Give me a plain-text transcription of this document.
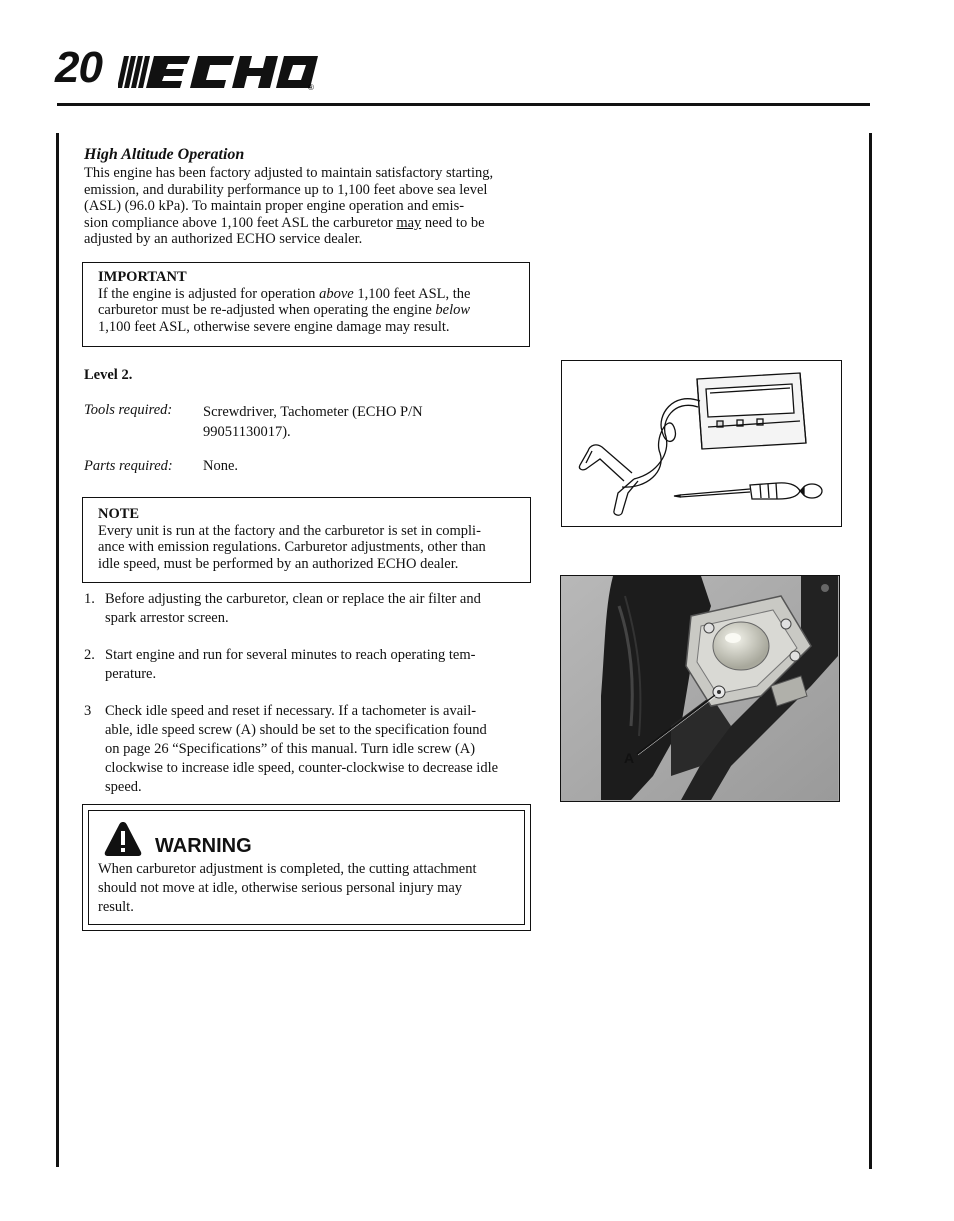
20	®
High Altitude Operation
This engine has been factory adjusted to maintain satisfactory starting,
emission, and durability performance up to 1,100 feet above sea level
(ASL) (96.0 kPa). To maintain proper engine operation and emis-
sion compliance above 1,100 feet ASL the carburetor may need to be
adjusted by an authorized ECHO service dealer.
IMPORTANT
If the engine is adjusted for operation above 1,100 feet ASL, the
carburetor must be re-adjusted when operating the engine below
1,100 feet ASL, otherwise severe engine damage may result.
Level 2.
Tools required: Screwdriver, Tachometer (ECHO P/N
99051130017).
Parts required: None.
NOTE
Every unit is run at the factory and the carburetor is set in compli-
ance with emission regulations. Carburetor adjustments, other than
idle speed, must be performed by an authorized ECHO dealer.
1. Before adjusting the carburetor, clean or replace the air filter and
spark arrestor screen.
2. Start engine and run for several minutes to reach operating tem-
perature.
3 Check idle speed and reset if necessary. If a tachometer is avail-
able, idle speed screw (A) should be set to the specification found
on page 26 “Specifications” of this manual. Turn idle screw (A)
clockwise to increase idle speed, counter-clockwise to decrease idle
speed.
WARNING
When carburetor adjustment is completed, the cutting attachment
should not move at idle, otherwise serious personal injury may
result.
A
